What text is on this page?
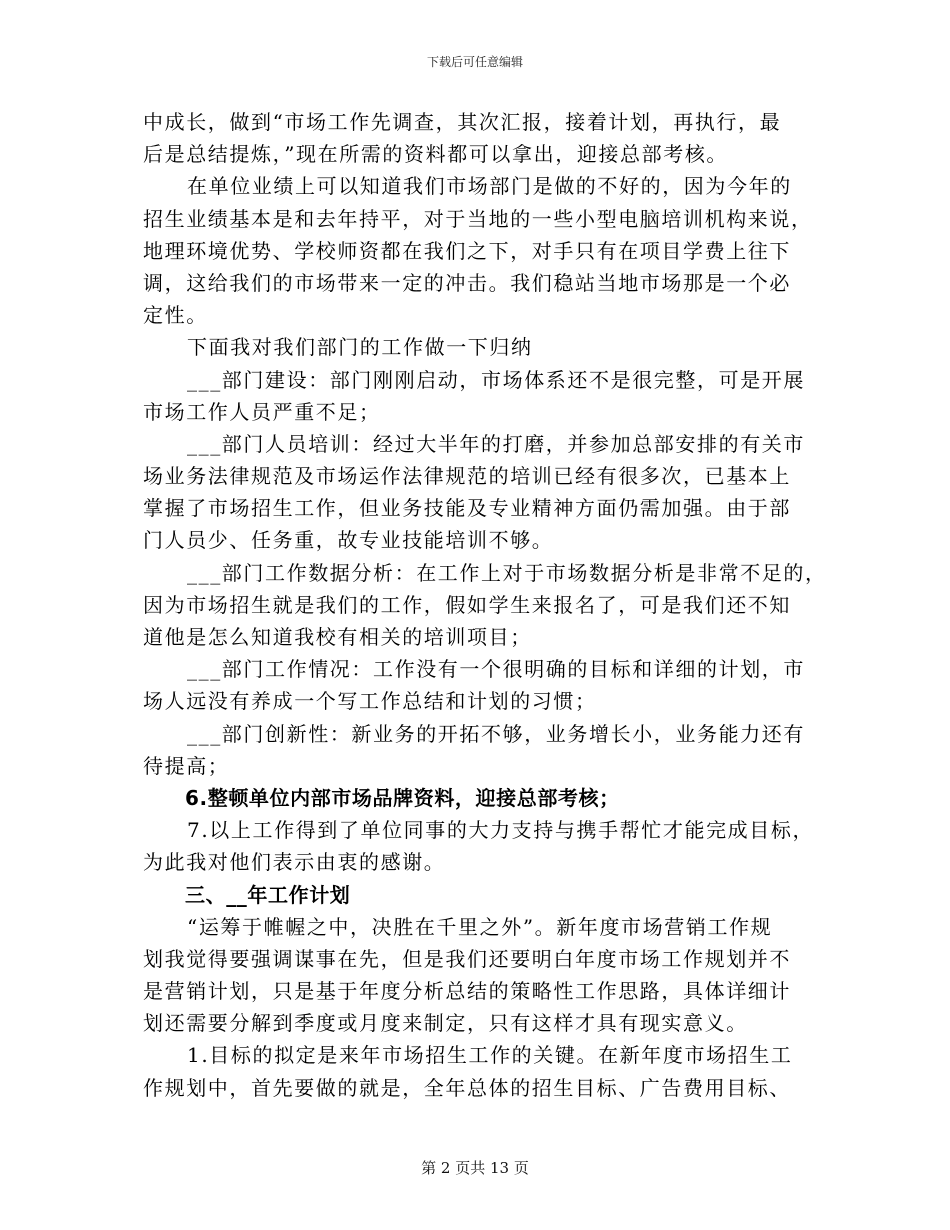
下载后可任意编辑
中成长，做到“市场工作先调查，其次汇报，接着计划，再执行，最
后是总结提炼，”现在所需的资料都可以拿出，迎接总部考核。
在单位业绩上可以知道我们市场部门是做的不好的，因为今年的
招生业绩基本是和去年持平，对于当地的一些小型电脑培训机构来说，
地理环境优势、学校师资都在我们之下，对手只有在项目学费上往下
调，这给我们的市场带来一定的冲击。我们稳站当地市场那是一个必
定性。
下面我对我们部门的工作做一下归纳
___部门建设：部门刚刚启动，市场体系还不是很完整，可是开展
市场工作人员严重不足；
___部门人员培训：经过大半年的打磨，并参加总部安排的有关市
场业务法律规范及市场运作法律规范的培训已经有很多次，已基本上
掌握了市场招生工作，但业务技能及专业精神方面仍需加强。由于部
门人员少、任务重，故专业技能培训不够。
___部门工作数据分析：在工作上对于市场数据分析是非常不足的，
因为市场招生就是我们的工作，假如学生来报名了，可是我们还不知
道他是怎么知道我校有相关的培训项目；
___部门工作情况：工作没有一个很明确的目标和详细的计划，市
场人远没有养成一个写工作总结和计划的习惯；
___部门创新性：新业务的开拓不够，业务增长小，业务能力还有
待提高；
6.整顿单位内部市场品牌资料，迎接总部考核；
7.以上工作得到了单位同事的大力支持与携手帮忙才能完成目标，
为此我对他们表示由衷的感谢。
三、__年工作计划
“运筹于帷幄之中，决胜在千里之外”。新年度市场营销工作规
划我觉得要强调谋事在先，但是我们还要明白年度市场工作规划并不
是营销计划，只是基于年度分析总结的策略性工作思路，具体详细计
划还需要分解到季度或月度来制定，只有这样才具有现实意义。
1.目标的拟定是来年市场招生工作的关键。在新年度市场招生工
作规划中，首先要做的就是，全年总体的招生目标、广告费用目标、
第 2 页共 13 页
